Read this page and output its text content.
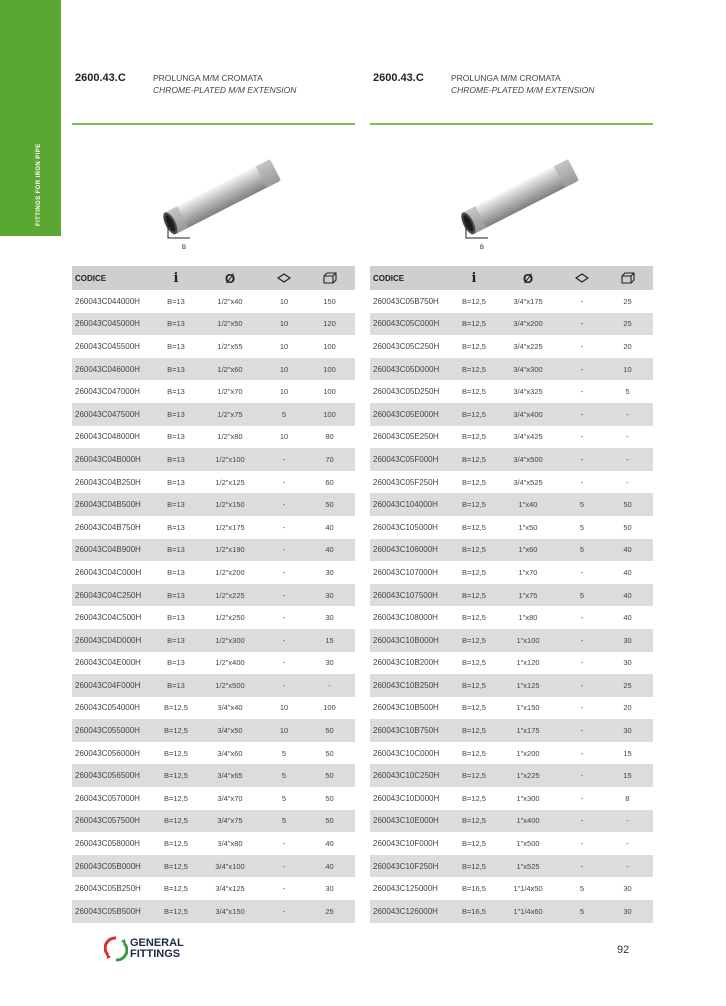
FITTINGS FOR IRON PIPE
2600.43.C	PROLUNGA M/M CROMATA
CHROME-PLATED M/M EXTENSION
B
CODICE	i	Ø
260043C044000H	B=13	1/2"x40	10	150
260043C045000H	B=13	1/2"x50	10	120
260043C045500H	B=13	1/2"x55	10	100
260043C046000H	B=13	1/2"x60	10	100
260043C047000H	B=13	1/2"x70	10	100
260043C047500H	B=13	1/2"x75	5	100
260043C048000H	B=13	1/2"x80	10	80
260043C04B000H	B=13	1/2"x100	-	70
260043C04B250H	B=13	1/2"x125	-	60
260043C04B500H	B=13	1/2"x150	-	50
260043C04B750H	B=13	1/2"x175	-	40
260043C04B900H	B=13	1/2"x190	-	40
260043C04C000H	B=13	1/2"x200	-	30
260043C04C250H	B=13	1/2"x225	-	30
260043C04C500H	B=13	1/2"x250	-	30
260043C04D000H	B=13	1/2"x300	-	15
260043C04E000H	B=13	1/2"x400	-	30
260043C04F000H	B=13	1/2"x500	-	-
260043C054000H	B=12,5	3/4"x40	10	100
260043C055000H	B=12,5	3/4"x50	10	50
260043C056000H	B=12,5	3/4"x60	5	50
260043C056500H	B=12,5	3/4"x65	5	50
260043C057000H	B=12,5	3/4"x70	5	50
260043C057500H	B=12,5	3/4"x75	5	50
260043C058000H	B=12,5	3/4"x80	-	40
260043C05B000H	B=12,5	3/4"x100	-	40
260043C05B250H	B=12,5	3/4"x125	-	30
260043C05B500H	B=12,5	3/4"x150	-	25
2600.43.C	PROLUNGA M/M CROMATA
CHROME-PLATED M/M EXTENSION
B
CODICE	i	Ø
260043C05B750H	B=12,5	3/4"x175	-	25
260043C05C000H	B=12,5	3/4"x200	-	25
260043C05C250H	B=12,5	3/4"x225	-	20
260043C05D000H	B=12,5	3/4"x300	-	10
260043C05D250H	B=12,5	3/4"x325	-	5
260043C05E000H	B=12,5	3/4"x400	-	-
260043C05E250H	B=12,5	3/4"x425	-	-
260043C05F000H	B=12,5	3/4"x500	-	-
260043C05F250H	B=12,5	3/4"x525	-	-
260043C104000H	B=12,5	1"x40	5	50
260043C105000H	B=12,5	1"x50	5	50
260043C106000H	B=12,5	1"x60	5	40
260043C107000H	B=12,5	1"x70	-	40
260043C107500H	B=12,5	1"x75	5	40
260043C108000H	B=12,5	1"x80	-	40
260043C10B000H	B=12,5	1"x100	-	30
260043C10B200H	B=12,5	1"x120	-	30
260043C10B250H	B=12,5	1"x125	-	25
260043C10B500H	B=12,5	1"x150	-	20
260043C10B750H	B=12,5	1"x175	-	30
260043C10C000H	B=12,5	1"x200	-	15
260043C10C250H	B=12,5	1"x225	-	15
260043C10D000H	B=12,5	1"x300	-	8
260043C10E000H	B=12,5	1"x400	-	-
260043C10F000H	B=12,5	1"x500	-	-
260043C10F250H	B=12,5	1"x525	-	-
260043C125000H	B=16,5	1"1/4x50	5	30
260043C126000H	B=16,5	1"1/4x60	5	30
GENERAL
FITTINGS	92
